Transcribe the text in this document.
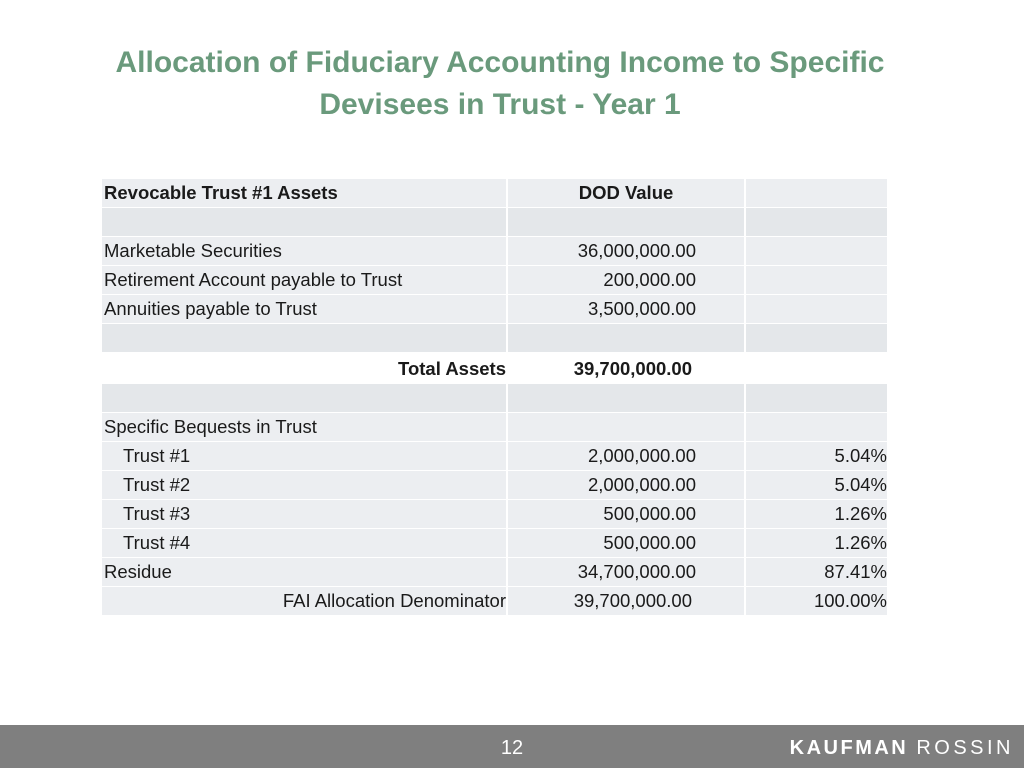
Allocation of Fiduciary Accounting Income to Specific
Devisees in Trust - Year 1
Revocable Trust #1 Assets	DOD Value
Marketable Securities	36,000,000.00
Retirement Account payable to Trust	200,000.00
Annuities payable to Trust	3,500,000.00
Total Assets	39,700,000.00
Specific Bequests in Trust
Trust #1	2,000,000.00	5.04%
Trust #2	2,000,000.00	5.04%
Trust #3	500,000.00	1.26%
Trust #4	500,000.00	1.26%
Residue	34,700,000.00	87.41%
FAI Allocation Denominator	39,700,000.00	100.00%
12	KAUFMAN ROSSIN
